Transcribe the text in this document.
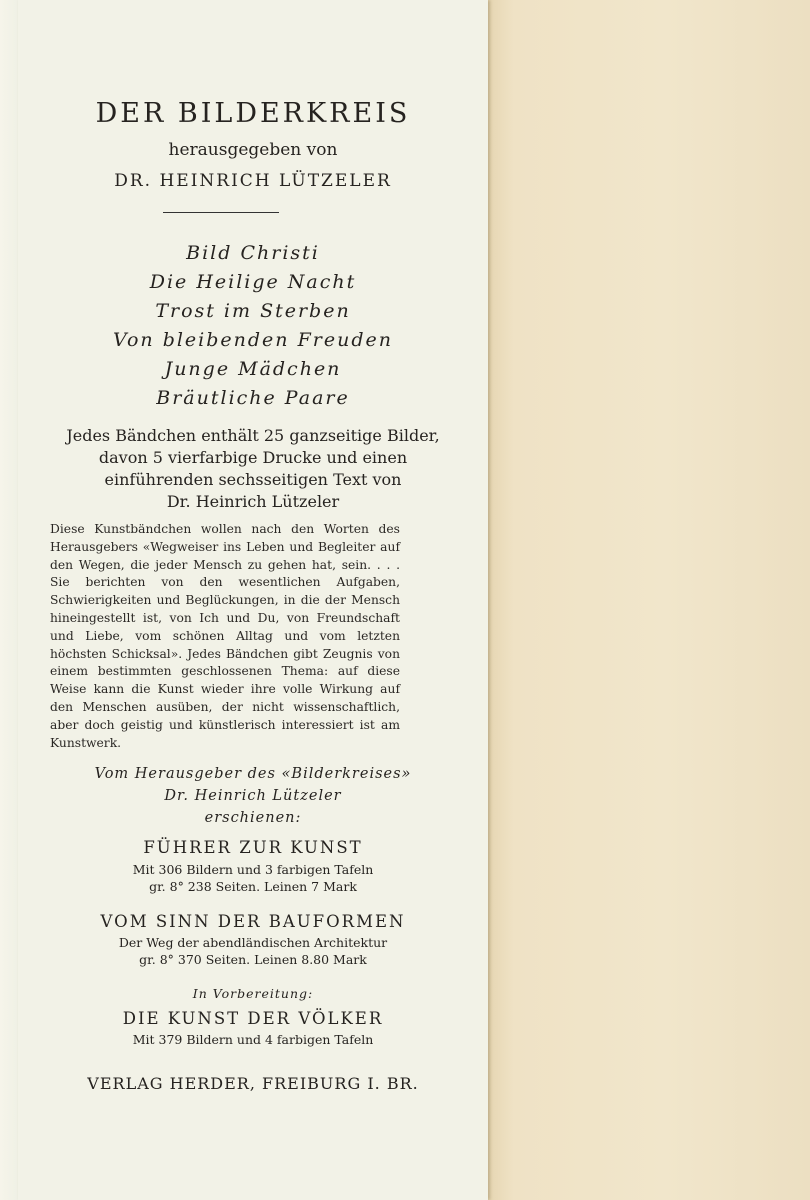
DER BILDERKREIS

herausgegeben von

DR. HEINRICH LÜTZELER

Bild Christi

Die Heilige Nacht

Trost im Sterben

Von bleibenden Freuden

Junge Mädchen

Bräutliche Paare

Jedes Bändchen enthält 25 ganzseitige Bilder,

davon 5 vierfarbige Drucke und einen

einführenden sechsseitigen Text von

Dr. Heinrich Lützeler

Diese Kunstbändchen wollen nach den Worten des Herausgebers «Wegweiser ins Leben und Begleiter auf den Wegen, die jeder Mensch zu gehen hat, sein. . . . Sie berichten von den wesentlichen Aufgaben, Schwierigkeiten und Beglückungen, in die der Mensch hineingestellt ist, von Ich und Du, von Freundschaft und Liebe, vom schönen Alltag und vom letzten höchsten Schicksal». Jedes Bändchen gibt Zeugnis von einem bestimmten geschlossenen Thema: auf diese Weise kann die Kunst wieder ihre volle Wirkung auf den Menschen ausüben, der nicht wissenschaftlich, aber doch geistig und künstlerisch interessiert ist am Kunstwerk.

Vom Herausgeber des «Bilderkreises»

Dr. Heinrich Lützeler

erschienen:

FÜHRER ZUR KUNST

Mit 306 Bildern und 3 farbigen Tafeln

gr. 8° 238 Seiten. Leinen 7 Mark

VOM SINN DER BAUFORMEN

Der Weg der abendländischen Architektur

gr. 8° 370 Seiten. Leinen 8.80 Mark

In Vorbereitung:

DIE KUNST DER VÖLKER

Mit 379 Bildern und 4 farbigen Tafeln

VERLAG HERDER, FREIBURG I. BR.
